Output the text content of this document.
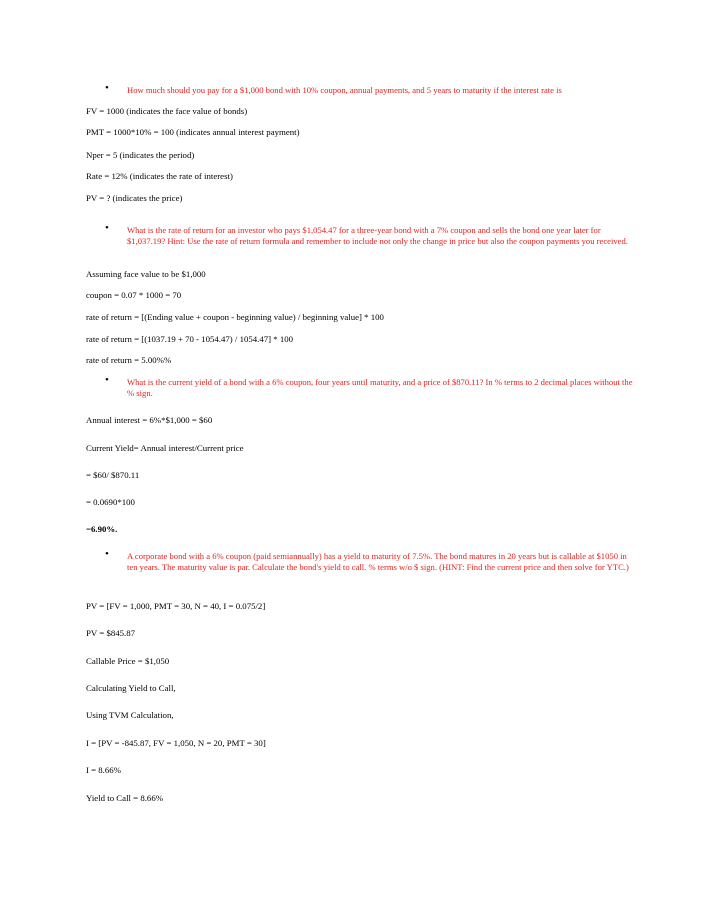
• How much should you pay for a $1,000 bond with 10% coupon, annual payments, and 5 years to maturity if the interest rate is
FV = 1000 (indicates the face value of bonds)
PMT = 1000*10% = 100 (indicates annual interest payment)
Nper = 5 (indicates the period)
Rate = 12% (indicates the rate of interest)
PV = ? (indicates the price)
• What is the rate of return for an investor who pays $1,054.47 for a three-year bond with a 7% coupon and sells the bond one year later for $1,037.19? Hint: Use the rate of return formula and remember to include not only the change in price but also the coupon payments you received.
Assuming face value to be $1,000
coupon = 0.07 * 1000 = 70
rate of return = [(Ending value + coupon - beginning value) / beginning value] * 100
rate of return = [(1037.19 + 70 - 1054.47) / 1054.47] * 100
rate of return = 5.00%%
• What is the current yield of a bond with a 6% coupon, four years until maturity, and a price of $870.11? In % terms to 2 decimal places without the % sign.
Annual interest = 6%*$1,000 = $60
Current Yield= Annual interest/Current price
= $60/ $870.11
= 0.0690*100
=6.90%.
• A corporate bond with a 6% coupon (paid semiannually) has a yield to maturity of 7.5%. The bond matures in 20 years but is callable at $1050 in ten years. The maturity value is par. Calculate the bond's yield to call. % terms w/o $ sign. (HINT: Find the current price and then solve for YTC.)
PV = [FV = 1,000, PMT = 30, N = 40, I = 0.075/2]
PV = $845.87
Callable Price = $1,050
Calculating Yield to Call,
Using TVM Calculation,
I = [PV = -845.87, FV = 1,050, N = 20, PMT = 30]
I = 8.66%
Yield to Call = 8.66%
